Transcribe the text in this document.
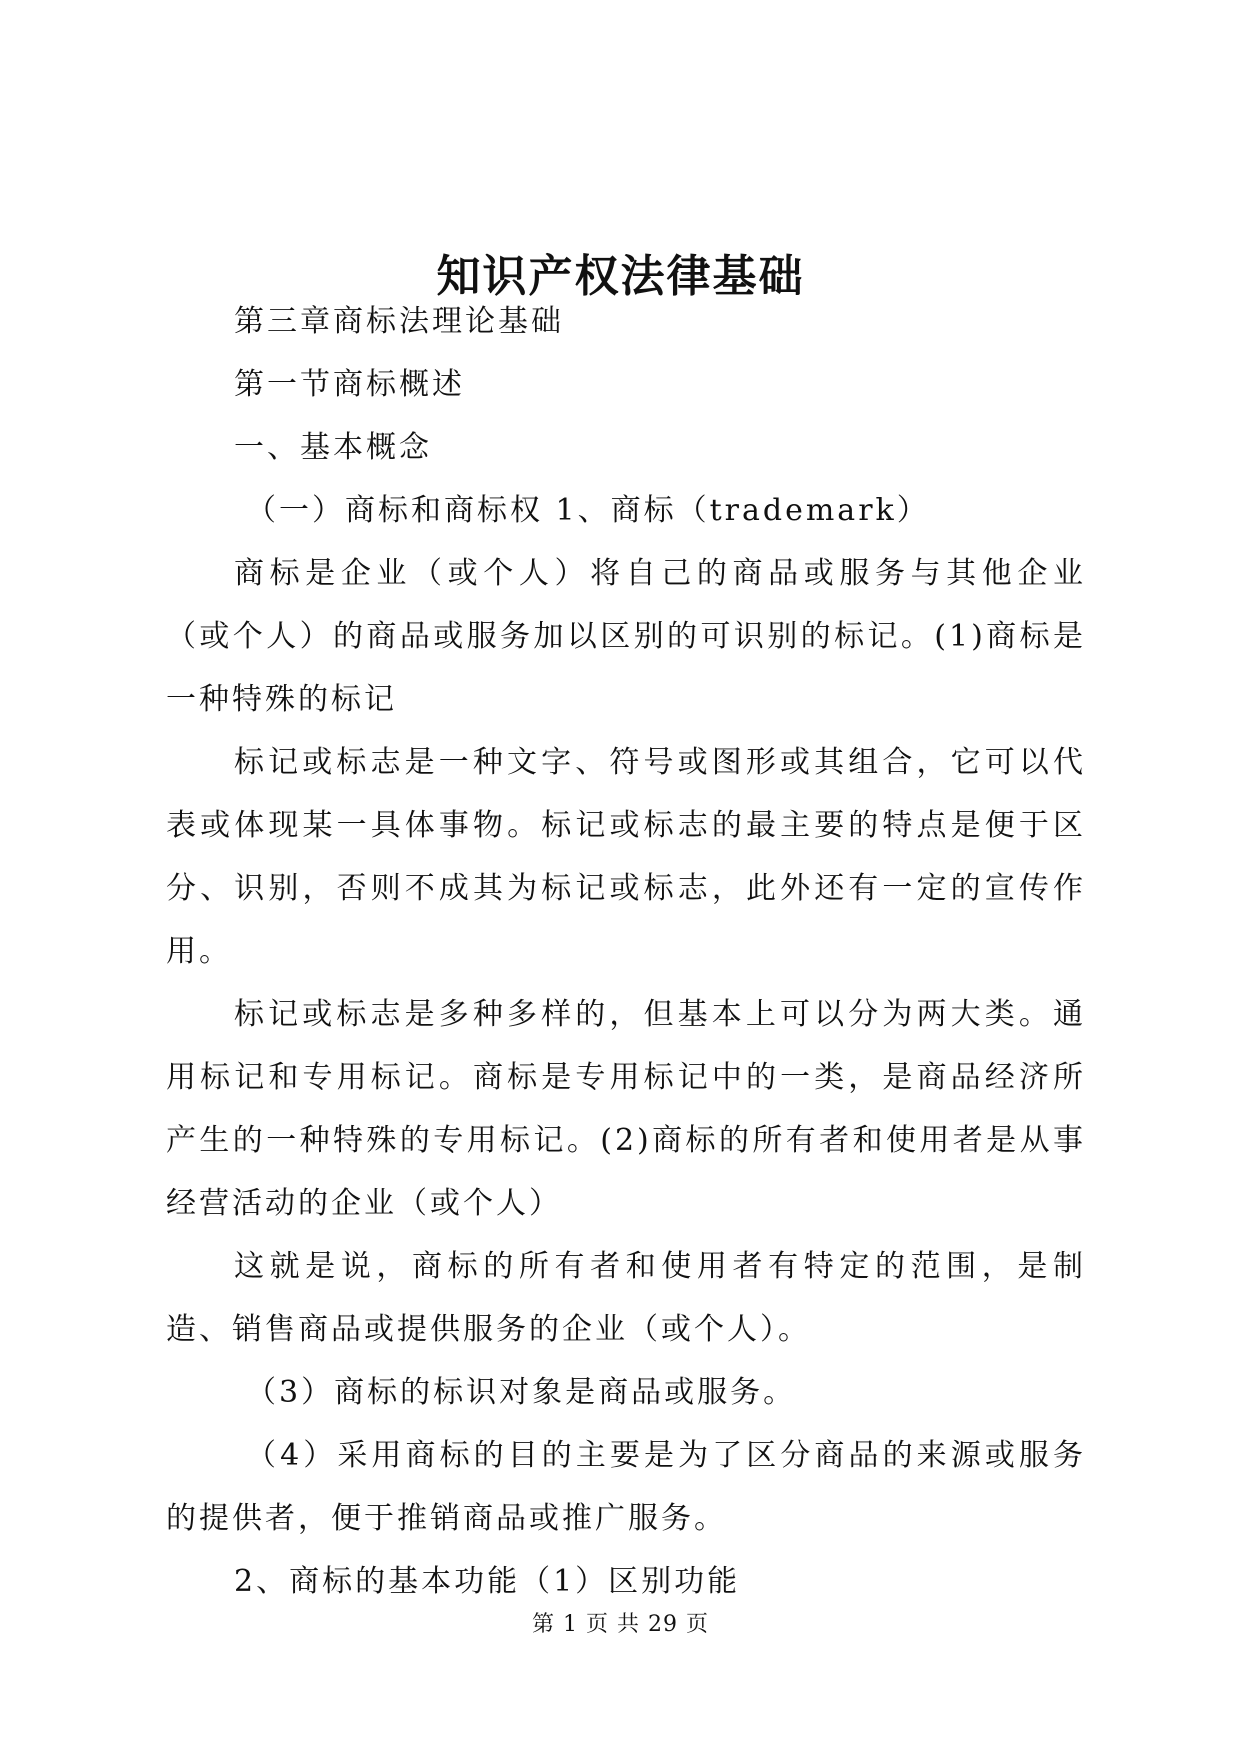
知识产权法律基础

第三章商标法理论基础

第一节商标概述

一、基本概念

（一）商标和商标权 1、商标（trademark）

商标是企业（或个人）将自己的商品或服务与其他企业（或个人）的商品或服务加以区别的可识别的标记。(1)商标是一种特殊的标记

标记或标志是一种文字、符号或图形或其组合，它可以代表或体现某一具体事物。标记或标志的最主要的特点是便于区分、识别，否则不成其为标记或标志，此外还有一定的宣传作用。

标记或标志是多种多样的，但基本上可以分为两大类。通用标记和专用标记。商标是专用标记中的一类，是商品经济所产生的一种特殊的专用标记。(2)商标的所有者和使用者是从事经营活动的企业（或个人）

这就是说，商标的所有者和使用者有特定的范围，是制造、销售商品或提供服务的企业（或个人）。

（3）商标的标识对象是商品或服务。

（4）采用商标的目的主要是为了区分商品的来源或服务的提供者，便于推销商品或推广服务。

2、商标的基本功能（1）区别功能

第 1 页 共 29 页
